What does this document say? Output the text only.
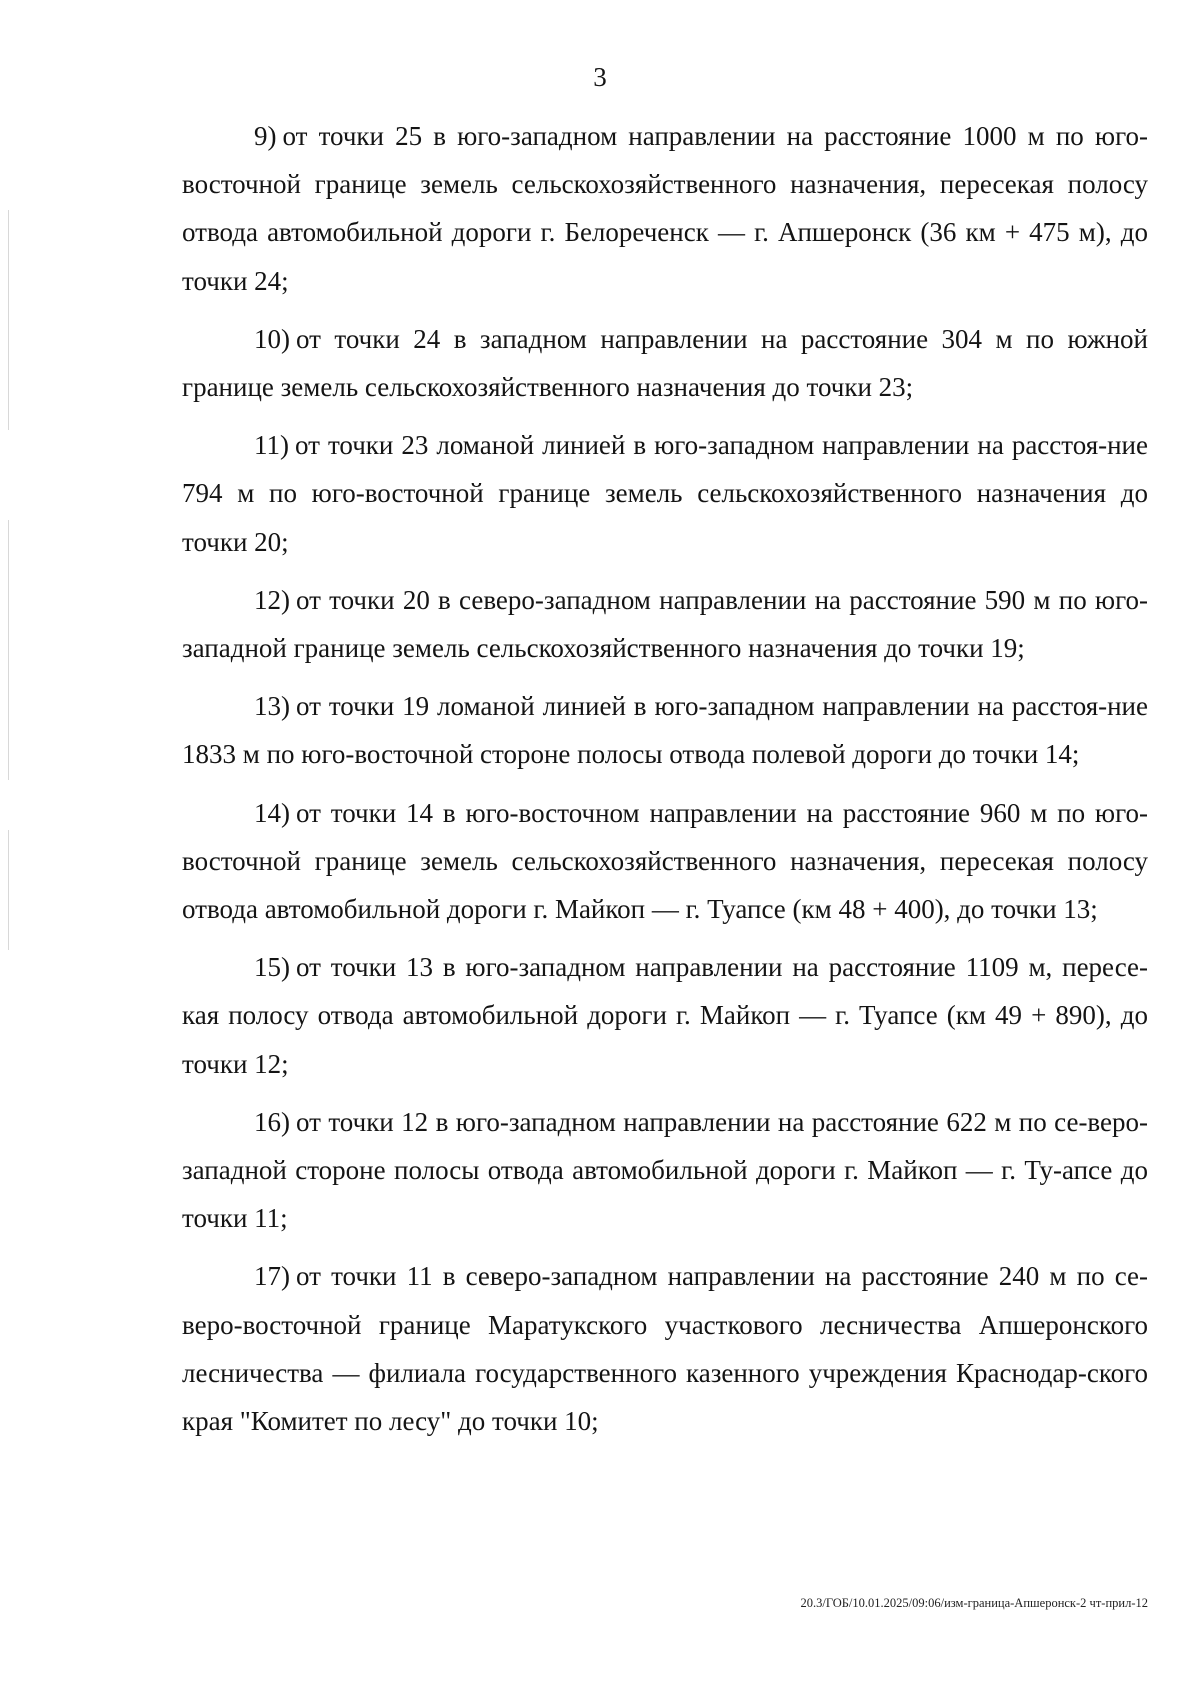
3

9) от точки 25 в юго-западном направлении на расстояние 1000 м по юго-восточной границе земель сельскохозяйственного назначения, пересекая полосу отвода автомобильной дороги г. Белореченск — г. Апшеронск (36 км + 475 м), до точки 24;

10) от точки 24 в западном направлении на расстояние 304 м по южной границе земель сельскохозяйственного назначения до точки 23;

11) от точки 23 ломаной линией в юго-западном направлении на расстоя-ние 794 м по юго-восточной границе земель сельскохозяйственного назначения до точки 20;

12) от точки 20 в северо-западном направлении на расстояние 590 м по юго-западной границе земель сельскохозяйственного назначения до точки 19;

13) от точки 19 ломаной линией в юго-западном направлении на расстоя-ние 1833 м по юго-восточной стороне полосы отвода полевой дороги до точки 14;

14) от точки 14 в юго-восточном направлении на расстояние 960 м по юго-восточной границе земель сельскохозяйственного назначения, пересекая полосу отвода автомобильной дороги г. Майкоп — г. Туапсе (км 48 + 400), до точки 13;

15) от точки 13 в юго-западном направлении на расстояние 1109 м, пересе-кая полосу отвода автомобильной дороги г. Майкоп — г. Туапсе (км 49 + 890), до точки 12;

16) от точки 12 в юго-западном направлении на расстояние 622 м по се-веро-западной стороне полосы отвода автомобильной дороги г. Майкоп — г. Ту-апсе до точки 11;

17) от точки 11 в северо-западном направлении на расстояние 240 м по се-веро-восточной границе Маратукского участкового лесничества Апшеронского лесничества — филиала государственного казенного учреждения Краснодар-ского края "Комитет по лесу" до точки 10;

20.3/ГОБ/10.01.2025/09:06/изм-граница-Апшеронск-2 чт-прил-12
